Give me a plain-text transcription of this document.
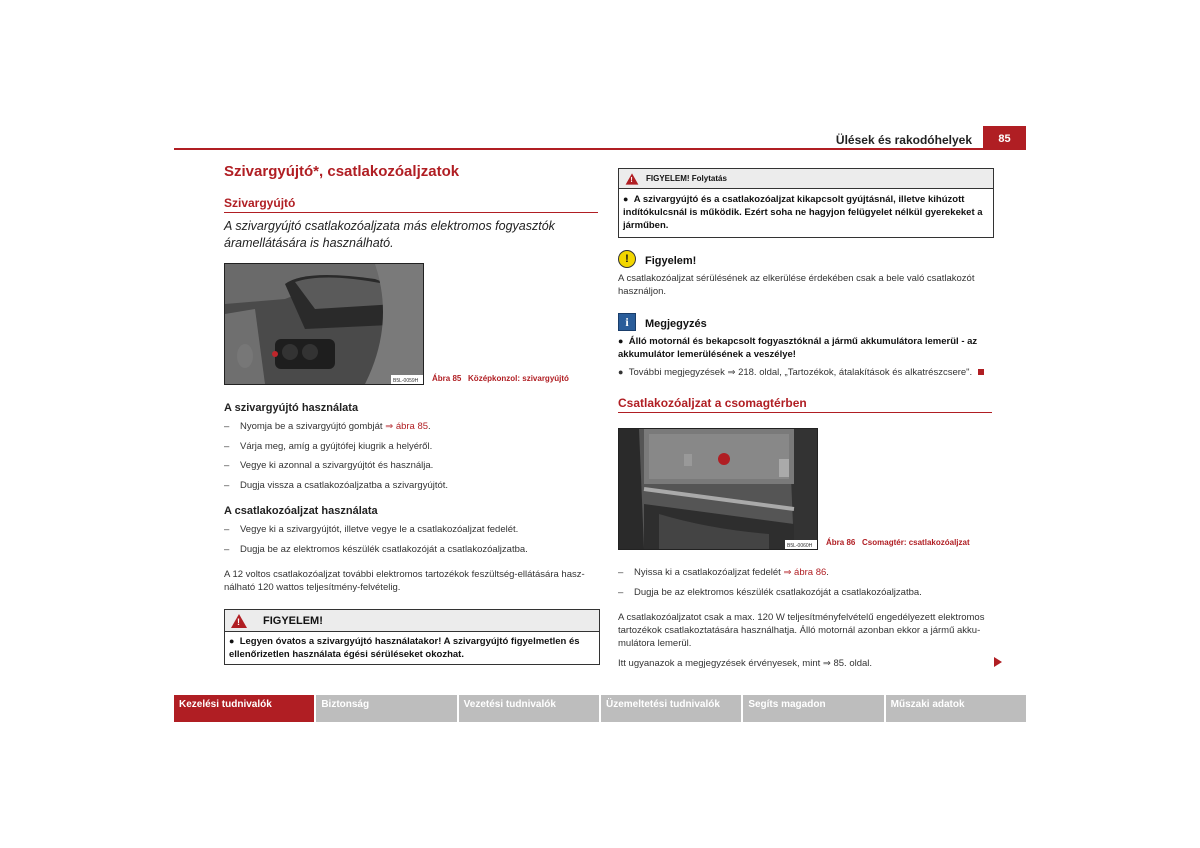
Ülések és rakodóhelyek	85
Szivargyújtó*, csatlakozóaljzatok
Szivargyújtó
A szivargyújtó csatlakozóaljzata más elektromos fogyasztók áramellátására is használható.
B5L-0059H Ábra 85 Középkonzol: szivargyújtó
A szivargyújtó használata
– Nyomja be a szivargyújtó gombját ⇒ ábra 85.
– Várja meg, amíg a gyújtófej kiugrik a helyéről.
– Vegye ki azonnal a szivargyújtót és használja.
– Dugja vissza a csatlakozóaljzatba a szivargyújtót.
A csatlakozóaljzat használata
– Vegye ki a szivargyújtót, illetve vegye le a csatlakozóaljzat fedelét.
– Dugja be az elektromos készülék csatlakozóját a csatlakozóaljzatba.
A 12 voltos csatlakozóaljzat további elektromos tartozékok feszültség-ellátására hasz-nálható 120 wattos teljesítmény-felvételig.
!
FIGYELEM!
● Legyen óvatos a szivargyújtó használatakor! A szivargyújtó figyelmetlen és ellenőrizetlen használata égési sérüléseket okozhat.
!
FIGYELEM! Folytatás
● A szivargyújtó és a csatlakozóaljzat kikapcsolt gyújtásnál, illetve kihúzott indítókulcsnál is működik. Ezért soha ne hagyjon felügyelet nélkül gyerekeket a járműben.
!	Figyelem!
A csatlakozóaljzat sérülésének az elkerülése érdekében csak a bele való csatlakozót használjon.
i	Megjegyzés
● Álló motornál és bekapcsolt fogyasztóknál a jármű akkumulátora lemerül - az akkumulátor lemerülésének a veszélye!
● További megjegyzések ⇒ 218. oldal, „Tartozékok, átalakítások és alkatrészcsere".
Csatlakozóaljzat a csomagtérben
B5L-0060H Ábra 86 Csomagtér: csatlakozóaljzat
– Nyissa ki a csatlakozóaljzat fedelét ⇒ ábra 86.
– Dugja be az elektromos készülék csatlakozóját a csatlakozóaljzatba.
A csatlakozóaljzatot csak a max. 120 W teljesítményfelvételű engedélyezett elektromos tartozékok csatlakoztatására használhatja. Álló motornál azonban ekkor a jármű akku-mulátora lemerül.
Itt ugyanazok a megjegyzések érvényesek, mint ⇒ 85. oldal.
Kezelési tudnivalók	Biztonság	Vezetési tudnivalók	Üzemeltetési tudnivalók	Segíts magadon	Műszaki adatok
